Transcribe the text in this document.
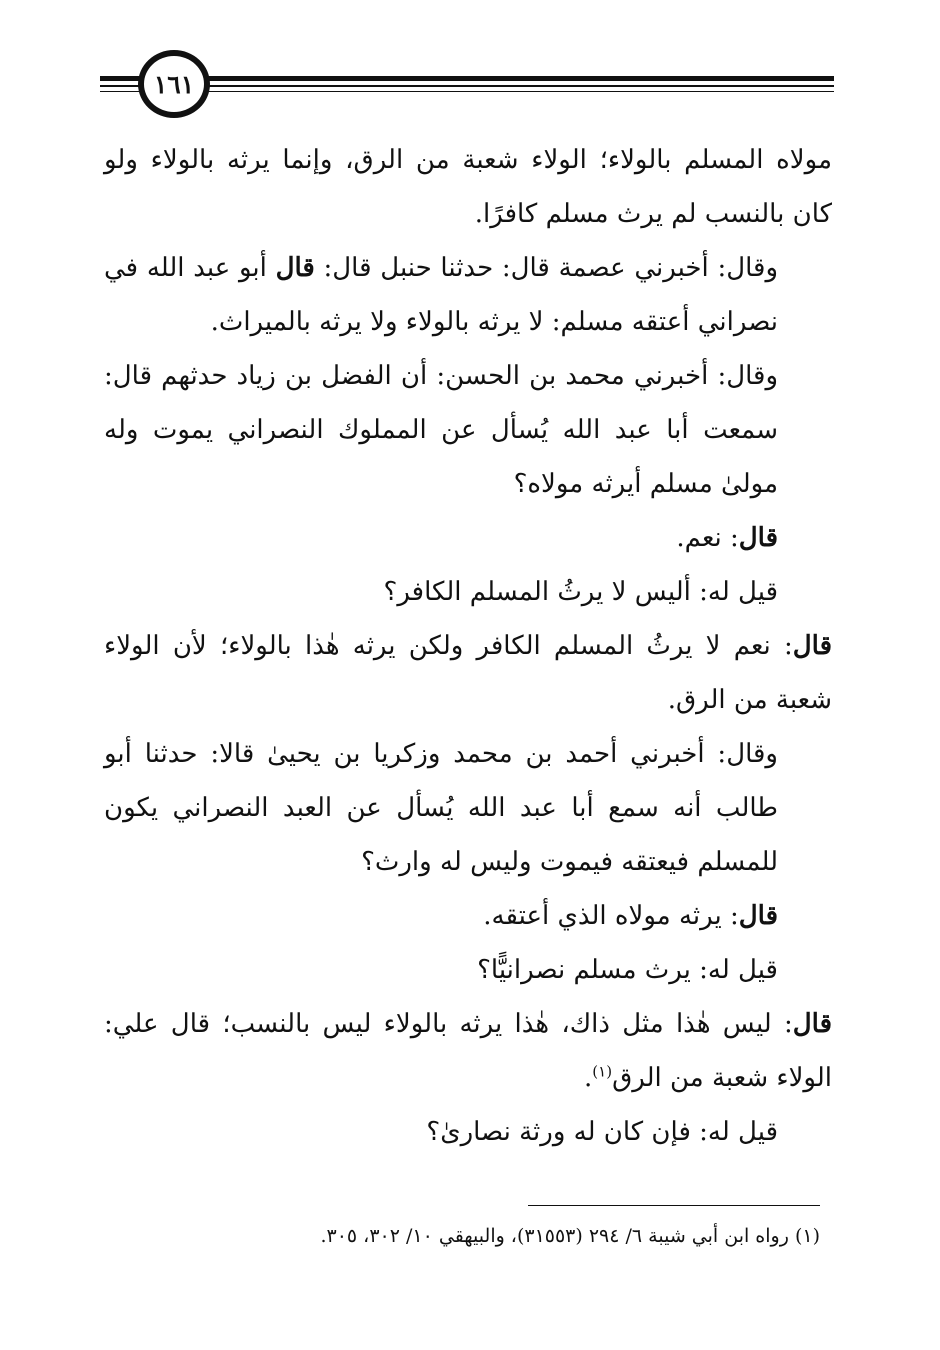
١٦١

مولاه المسلم بالولاء؛ الولاء شعبة من الرق، وإنما يرثه بالولاء ولو كان بالنسب لم يرث مسلم كافرًا.

وقال: أخبرني عصمة قال: حدثنا حنبل قال: قال أبو عبد الله في نصراني أعتقه مسلم: لا يرثه بالولاء ولا يرثه بالميراث.

وقال: أخبرني محمد بن الحسن: أن الفضل بن زياد حدثهم قال: سمعت أبا عبد الله يُسأل عن المملوك النصراني يموت وله مولىٰ مسلم أيرثه مولاه؟

قال: نعم.

قيل له: أليس لا يرثُ المسلم الكافر؟

قال: نعم لا يرثُ المسلم الكافر ولكن يرثه هٰذا بالولاء؛ لأن الولاء شعبة من الرق.

وقال: أخبرني أحمد بن محمد وزكريا بن يحيىٰ قالا: حدثنا أبو طالب أنه سمع أبا عبد الله يُسأل عن العبد النصراني يكون للمسلم فيعتقه فيموت وليس له وارث؟

قال: يرثه مولاه الذي أعتقه.

قيل له: يرث مسلم نصرانيًّا؟

قال: ليس هٰذا مثل ذاك، هٰذا يرثه بالولاء ليس بالنسب؛ قال علي: الولاء شعبة من الرق$^{(١)}$.

قيل له: فإن كان له ورثة نصارىٰ؟

(١) رواه ابن أبي شيبة ٦/ ٢٩٤ (٣١٥٥٣)، والبيهقي ١٠/ ٣٠٢، ٣٠٥.
